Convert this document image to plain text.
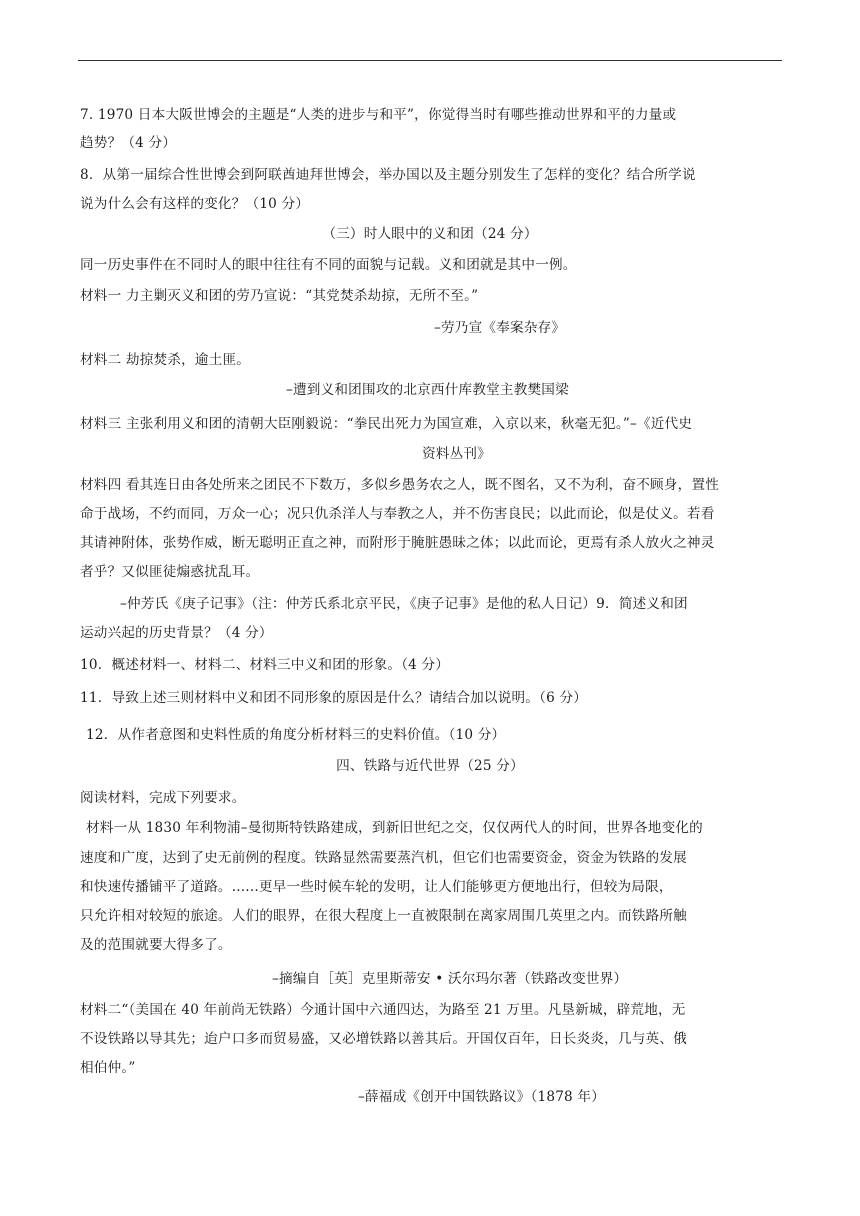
7. 1970 日本大阪世博会的主题是“人类的进步与和平”，你觉得当时有哪些推动世界和平的力量或
趋势？（4 分）
8．从第一届综合性世博会到阿联酋迪拜世博会，举办国以及主题分别发生了怎样的变化？结合所学说
说为什么会有这样的变化？（10 分）
（三）时人眼中的义和团（24 分）
同一历史事件在不同时人的眼中往往有不同的面貌与记载。义和团就是其中一例。
材料一 力主剿灭义和团的劳乃宣说：“其党焚杀劫掠，无所不至。”
–劳乃宣《奉案杂存》
材料二 劫掠焚杀，逾土匪。
–遭到义和团围攻的北京西什库教堂主教樊国梁
材料三 主张利用义和团的清朝大臣刚毅说：“拳民出死力为国宣难，入京以来，秋毫无犯。”–《近代史
资料丛刊》
材料四 看其连日由各处所来之团民不下数万，多似乡愚务农之人，既不图名，又不为利，奋不顾身，置性
命于战场，不约而同，万众一心；况只仇杀洋人与奉教之人，并不伤害良民；以此而论，似是仗义。若看
其请神附体，张势作威，断无聪明正直之神，而附形于腌脏愚昧之体；以此而论，更焉有杀人放火之神灵
者乎？又似匪徒煽惑扰乱耳。
–仲芳氏《庚子记事》（注：仲芳氏系北京平民，《庚子记事》是他的私人日记）9．简述义和团
运动兴起的历史背景？（4 分）
10．概述材料一、材料二、材料三中义和团的形象。（4 分）
11．导致上述三则材料中义和团不同形象的原因是什么？请结合加以说明。（6 分）
12．从作者意图和史料性质的角度分析材料三的史料价值。（10 分）
四、铁路与近代世界（25 分）
阅读材料，完成下列要求。
材料一从 1830 年利物浦–曼彻斯特铁路建成，到新旧世纪之交，仅仅两代人的时间，世界各地变化的
速度和广度，达到了史无前例的程度。铁路显然需要蒸汽机，但它们也需要资金，资金为铁路的发展
和快速传播铺平了道路。......更早一些时候车轮的发明，让人们能够更方便地出行，但较为局限，
只允许相对较短的旅途。人们的眼界，在很大程度上一直被限制在离家周围几英里之内。而铁路所触
及的范围就要大得多了。
–摘编自［英］克里斯蒂安 • 沃尔玛尔著（铁路改变世界）
材料二“（美国在 40 年前尚无铁路）今通计国中六通四达，为路至 21 万里。凡垦新城，辟荒地，无
不设铁路以导其先；迨户口多而贸易盛，又必增铁路以善其后。开国仅百年，日长炎炎，几与英、俄
相伯仲。”
–薛福成《创开中国铁路议》（1878 年）
